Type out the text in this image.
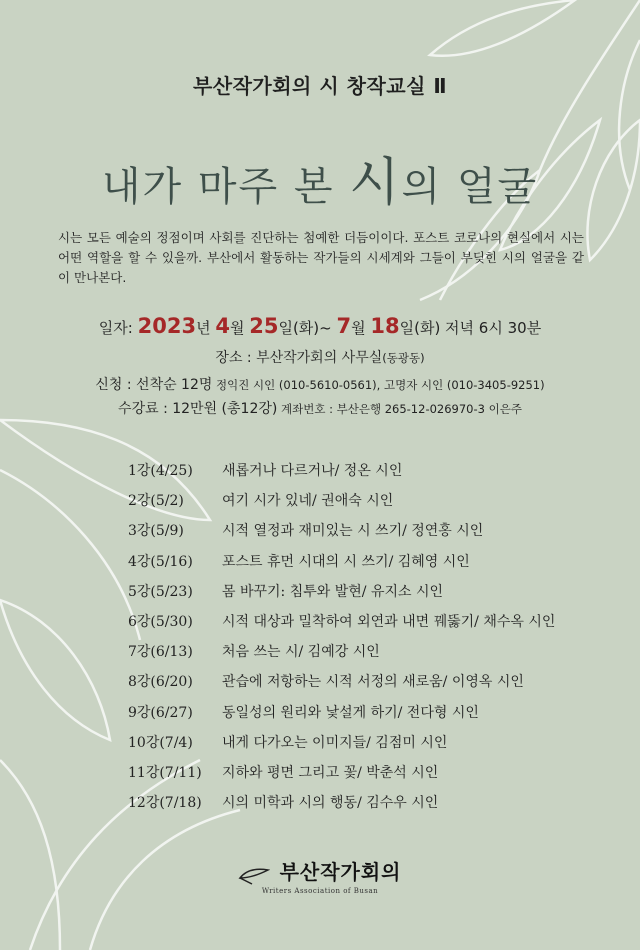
부산작가회의 시 창작교실 Ⅱ
내가 마주 본 시의 얼굴
시는 모든 예술의 정점이며 사회를 진단하는 첨예한 더듬이이다. 포스트 코로나의 현실에서 시는 어떤 역할을 할 수 있을까. 부산에서 활동하는 작가들의 시세계와 그들이 부딪힌 시의 얼굴을 같이 만나본다.
일자: 2023년 4월 25일(화)~ 7월 18일(화) 저녁 6시 30분
장소 : 부산작가회의 사무실(동광동)
신청 : 선착순 12명 정익진 시인 (010-5610-0561), 고명자 시인 (010-3405-9251)
수강료 : 12만원 (총12강) 계좌번호 : 부산은행 265-12-026970-3 이은주
1강(4/25)	새롭거나 다르거나/ 정온 시인
2강(5/2)	여기 시가 있네/ 권애숙 시인
3강(5/9)	시적 열정과 재미있는 시 쓰기/ 정연홍 시인
4강(5/16)	포스트 휴먼 시대의 시 쓰기/ 김혜영 시인
5강(5/23)	몸 바꾸기: 침투와 발현/ 유지소 시인
6강(5/30)	시적 대상과 밀착하여 외연과 내면 꿰뚫기/ 채수옥 시인
7강(6/13)	처음 쓰는 시/ 김예강 시인
8강(6/20)	관습에 저항하는 시적 서정의 새로움/ 이영옥 시인
9강(6/27)	동일성의 원리와 낯설게 하기/ 전다형 시인
10강(7/4)	내게 다가오는 이미지들/ 김점미 시인
11강(7/11)	지하와 평면 그리고 꽃/ 박춘석 시인
12강(7/18)	시의 미학과 시의 행동/ 김수우 시인
부산작가회의
Writers Association of Busan
